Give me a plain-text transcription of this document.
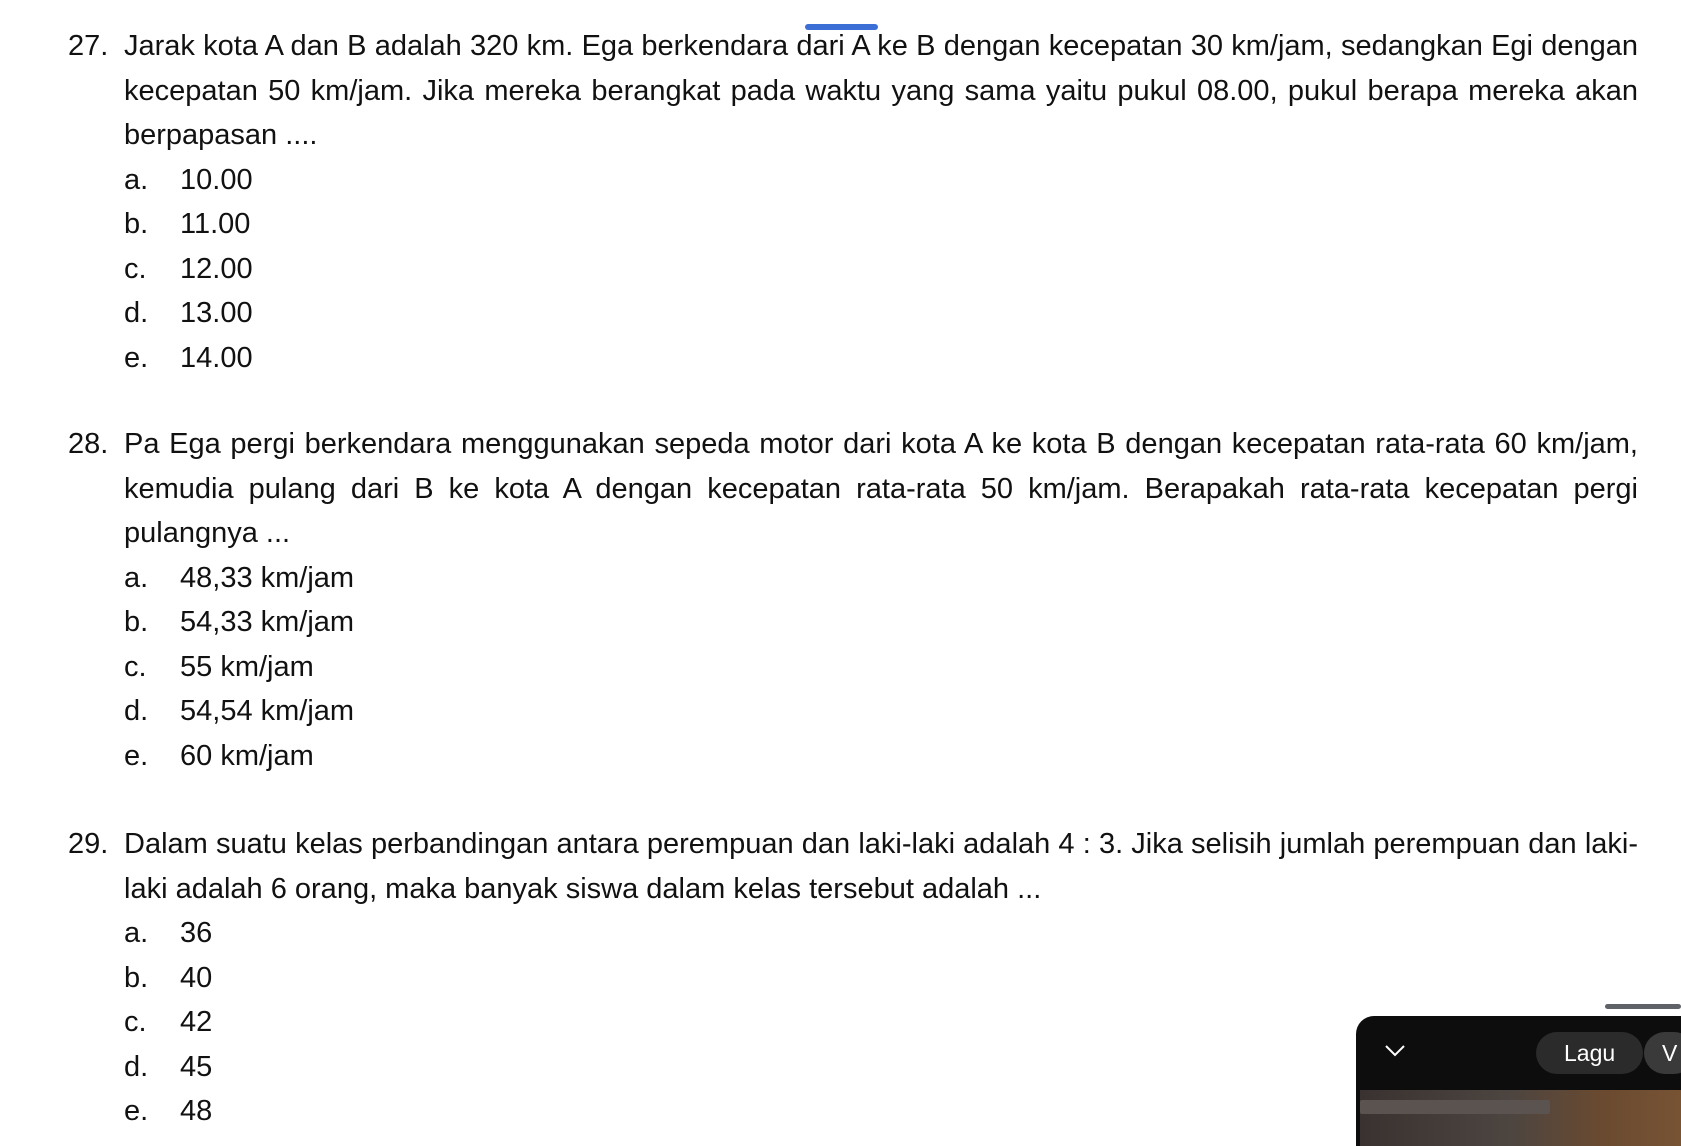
27. Jarak kota A dan B adalah 320 km. Ega berkendara dari A ke B dengan kecepatan 30 km/jam, sedangkan Egi dengan kecepatan 50 km/jam. Jika mereka berangkat pada waktu yang sama yaitu pukul 08.00, pukul berapa mereka akan berpapasan ....
a.	10.00
b.	11.00
c.	12.00
d.	13.00
e.	14.00
28. Pa Ega pergi berkendara menggunakan sepeda motor dari kota A ke kota B dengan kecepatan rata-rata 60 km/jam, kemudia pulang dari B ke kota A dengan kecepatan rata-rata 50 km/jam. Berapakah rata-rata kecepatan pergi pulangnya ...
a.	48,33 km/jam
b.	54,33 km/jam
c.	55 km/jam
d.	54,54 km/jam
e.	60 km/jam
29. Dalam suatu kelas perbandingan antara perempuan dan laki-laki adalah 4 : 3. Jika selisih jumlah perempuan dan laki-laki adalah 6 orang, maka banyak siswa dalam kelas tersebut adalah ...
a.	36
b.	40
c.	42
d.	45
e.	48
Lagu	V
